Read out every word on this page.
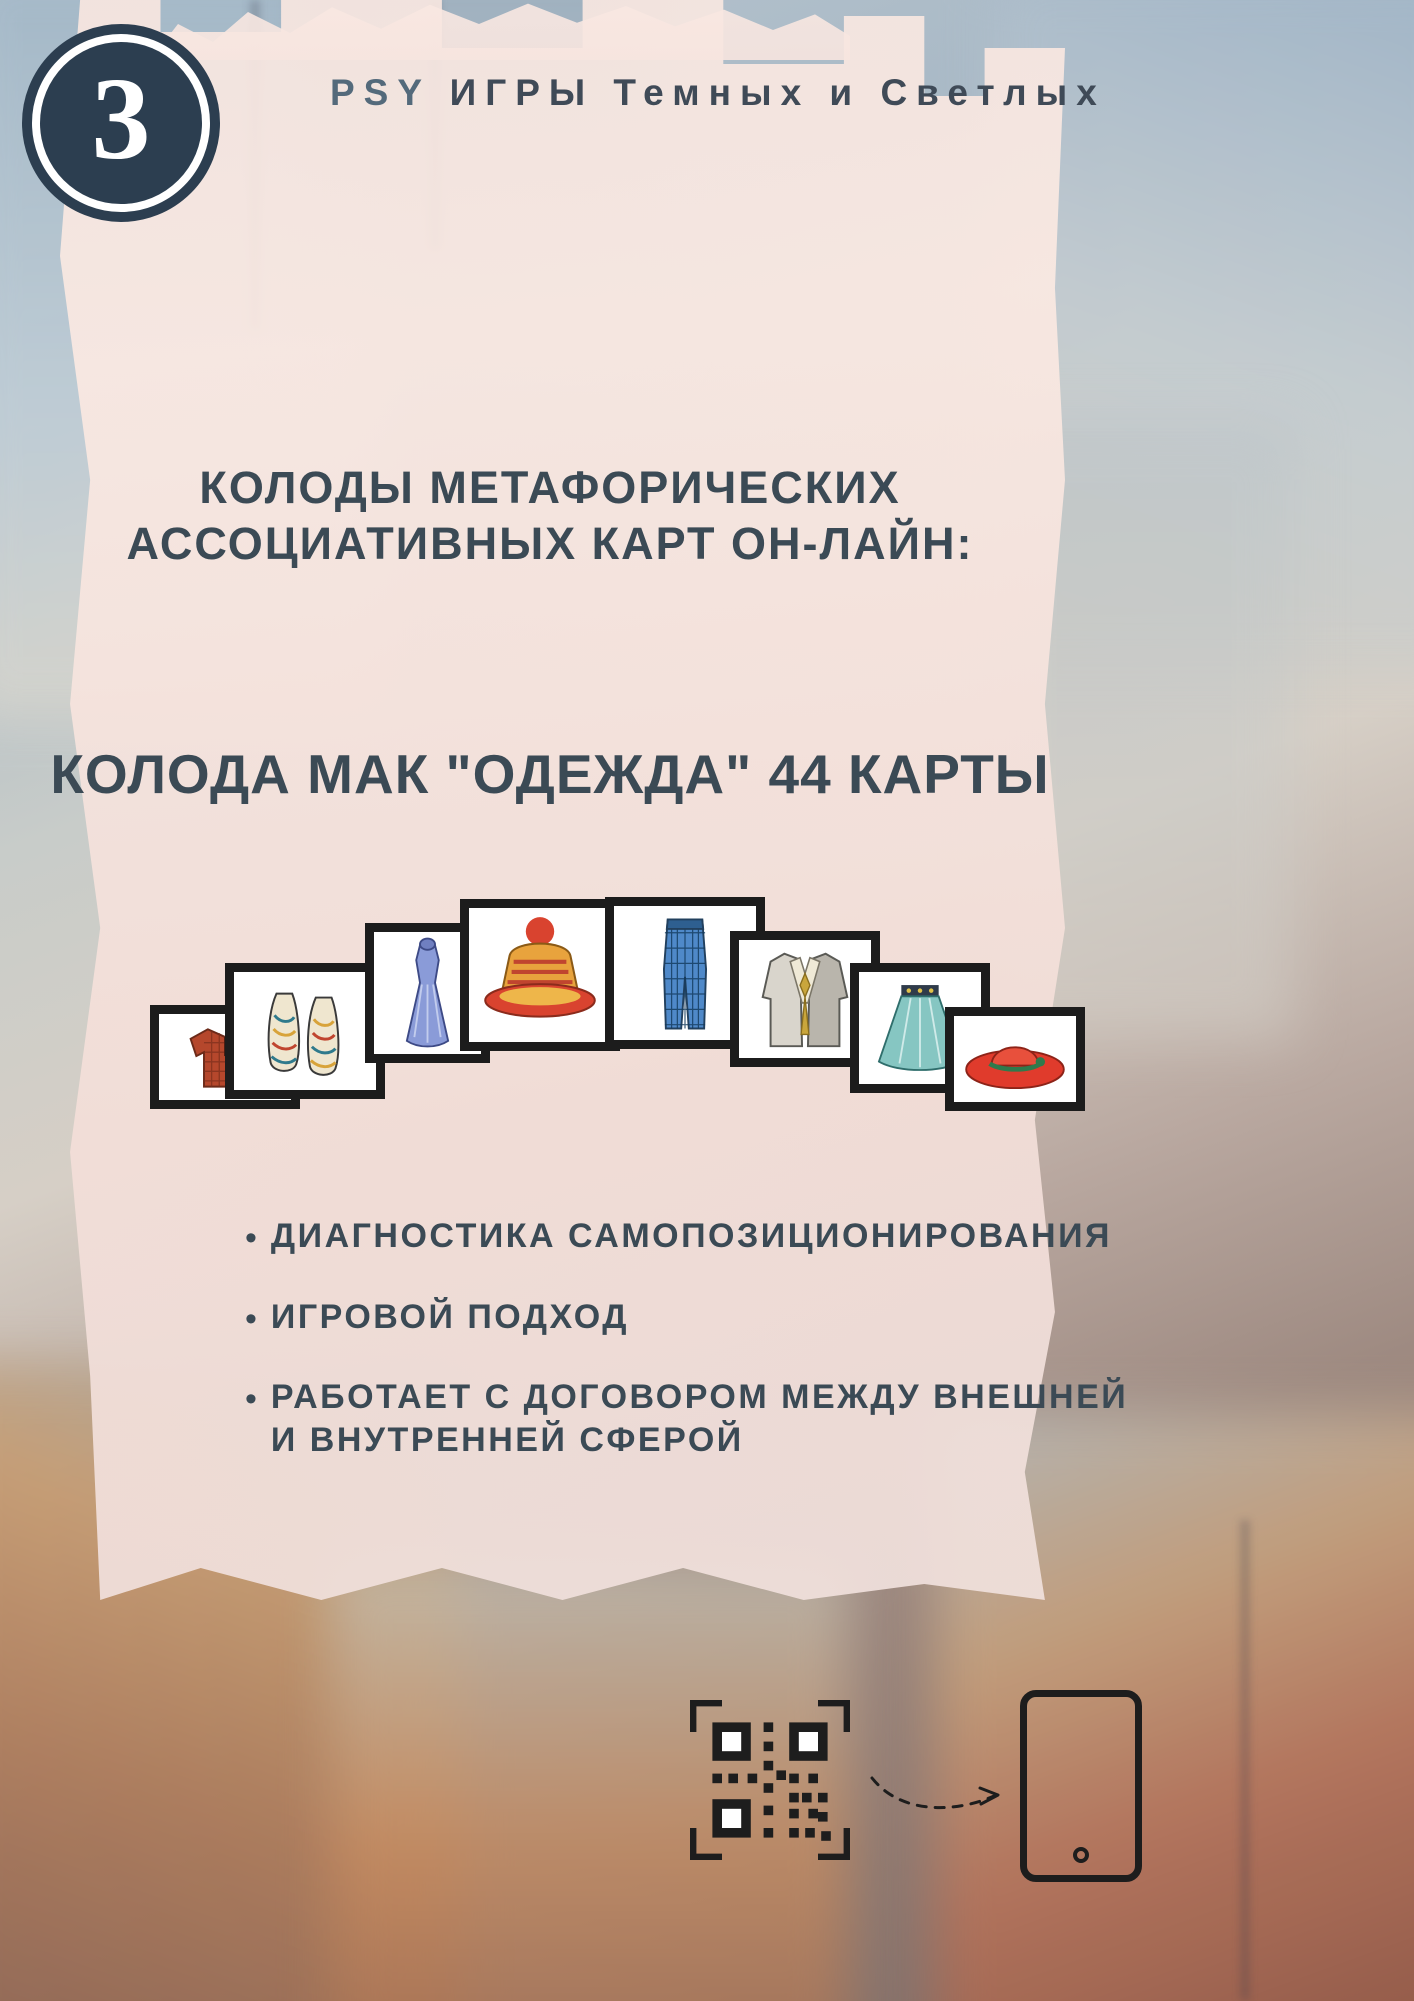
3	PSY ИГРЫ Темных и Светлых
КОЛОДЫ МЕТАФОРИЧЕСКИХ АССОЦИАТИВНЫХ КАРТ ОН-ЛАЙН:
КОЛОДА МАК "ОДЕЖДА" 44 КАРТЫ
• ДИАГНОСТИКА САМОПОЗИЦИОНИРОВАНИЯ
• ИГРОВОЙ ПОДХОД
• РАБОТАЕТ С ДОГОВОРОМ МЕЖДУ ВНЕШНЕЙ И ВНУТРЕННЕЙ СФЕРОЙ
